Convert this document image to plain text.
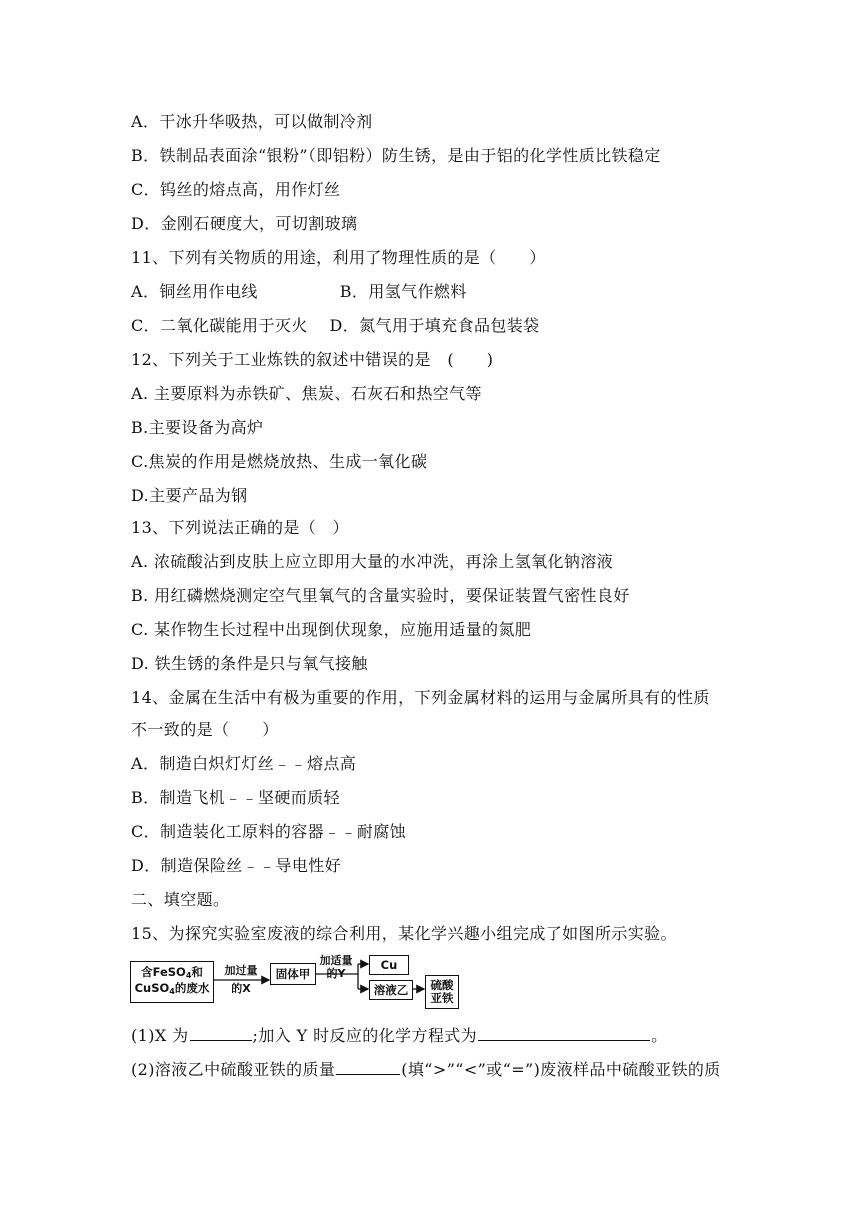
A．干冰升华吸热，可以做制冷剂
B．铁制品表面涂“银粉”（即铝粉）防生锈，是由于铝的化学性质比铁稳定
C．钨丝的熔点高，用作灯丝
D．金刚石硬度大，可切割玻璃
11、下列有关物质的用途，利用了物理性质的是（　　）
A．铜丝用作电线　　　　　B．用氢气作燃料
C．二氧化碳能用于灭火　 D．氮气用于填充食品包装袋
12、下列关于工业炼铁的叙述中错误的是　(　　)
A. 主要原料为赤铁矿、焦炭、石灰石和热空气等
B.主要设备为高炉
C.焦炭的作用是燃烧放热、生成一氧化碳
D.主要产品为钢
13、下列说法正确的是（　）
A. 浓硫酸沾到皮肤上应立即用大量的水冲洗，再涂上氢氧化钠溶液
B. 用红磷燃烧测定空气里氧气的含量实验时，要保证装置气密性良好
C. 某作物生长过程中出现倒伏现象，应施用适量的氮肥
D. 铁生锈的条件是只与氧气接触
14、金属在生活中有极为重要的作用，下列金属材料的运用与金属所具有的性质
不一致的是（　　）
A．制造白炽灯灯丝﹣﹣熔点高
B．制造飞机﹣﹣坚硬而质轻
C．制造装化工原料的容器﹣﹣耐腐蚀
D．制造保险丝﹣﹣导电性好
二、填空题。
15、为探究实验室废液的综合利用，某化学兴趣小组完成了如图所示实验。
含FeSO$_4$和
CuSO$_4$的废水
加过量
的X
固体甲
加适量
的Y
Cu
溶液乙	硫酸
亚铁
(1)X 为	;加入 Y 时反应的化学方程式为	。
(2)溶液乙中硫酸亚铁的质量	(填“>”“<”或“=”)废液样品中硫酸亚铁的质
